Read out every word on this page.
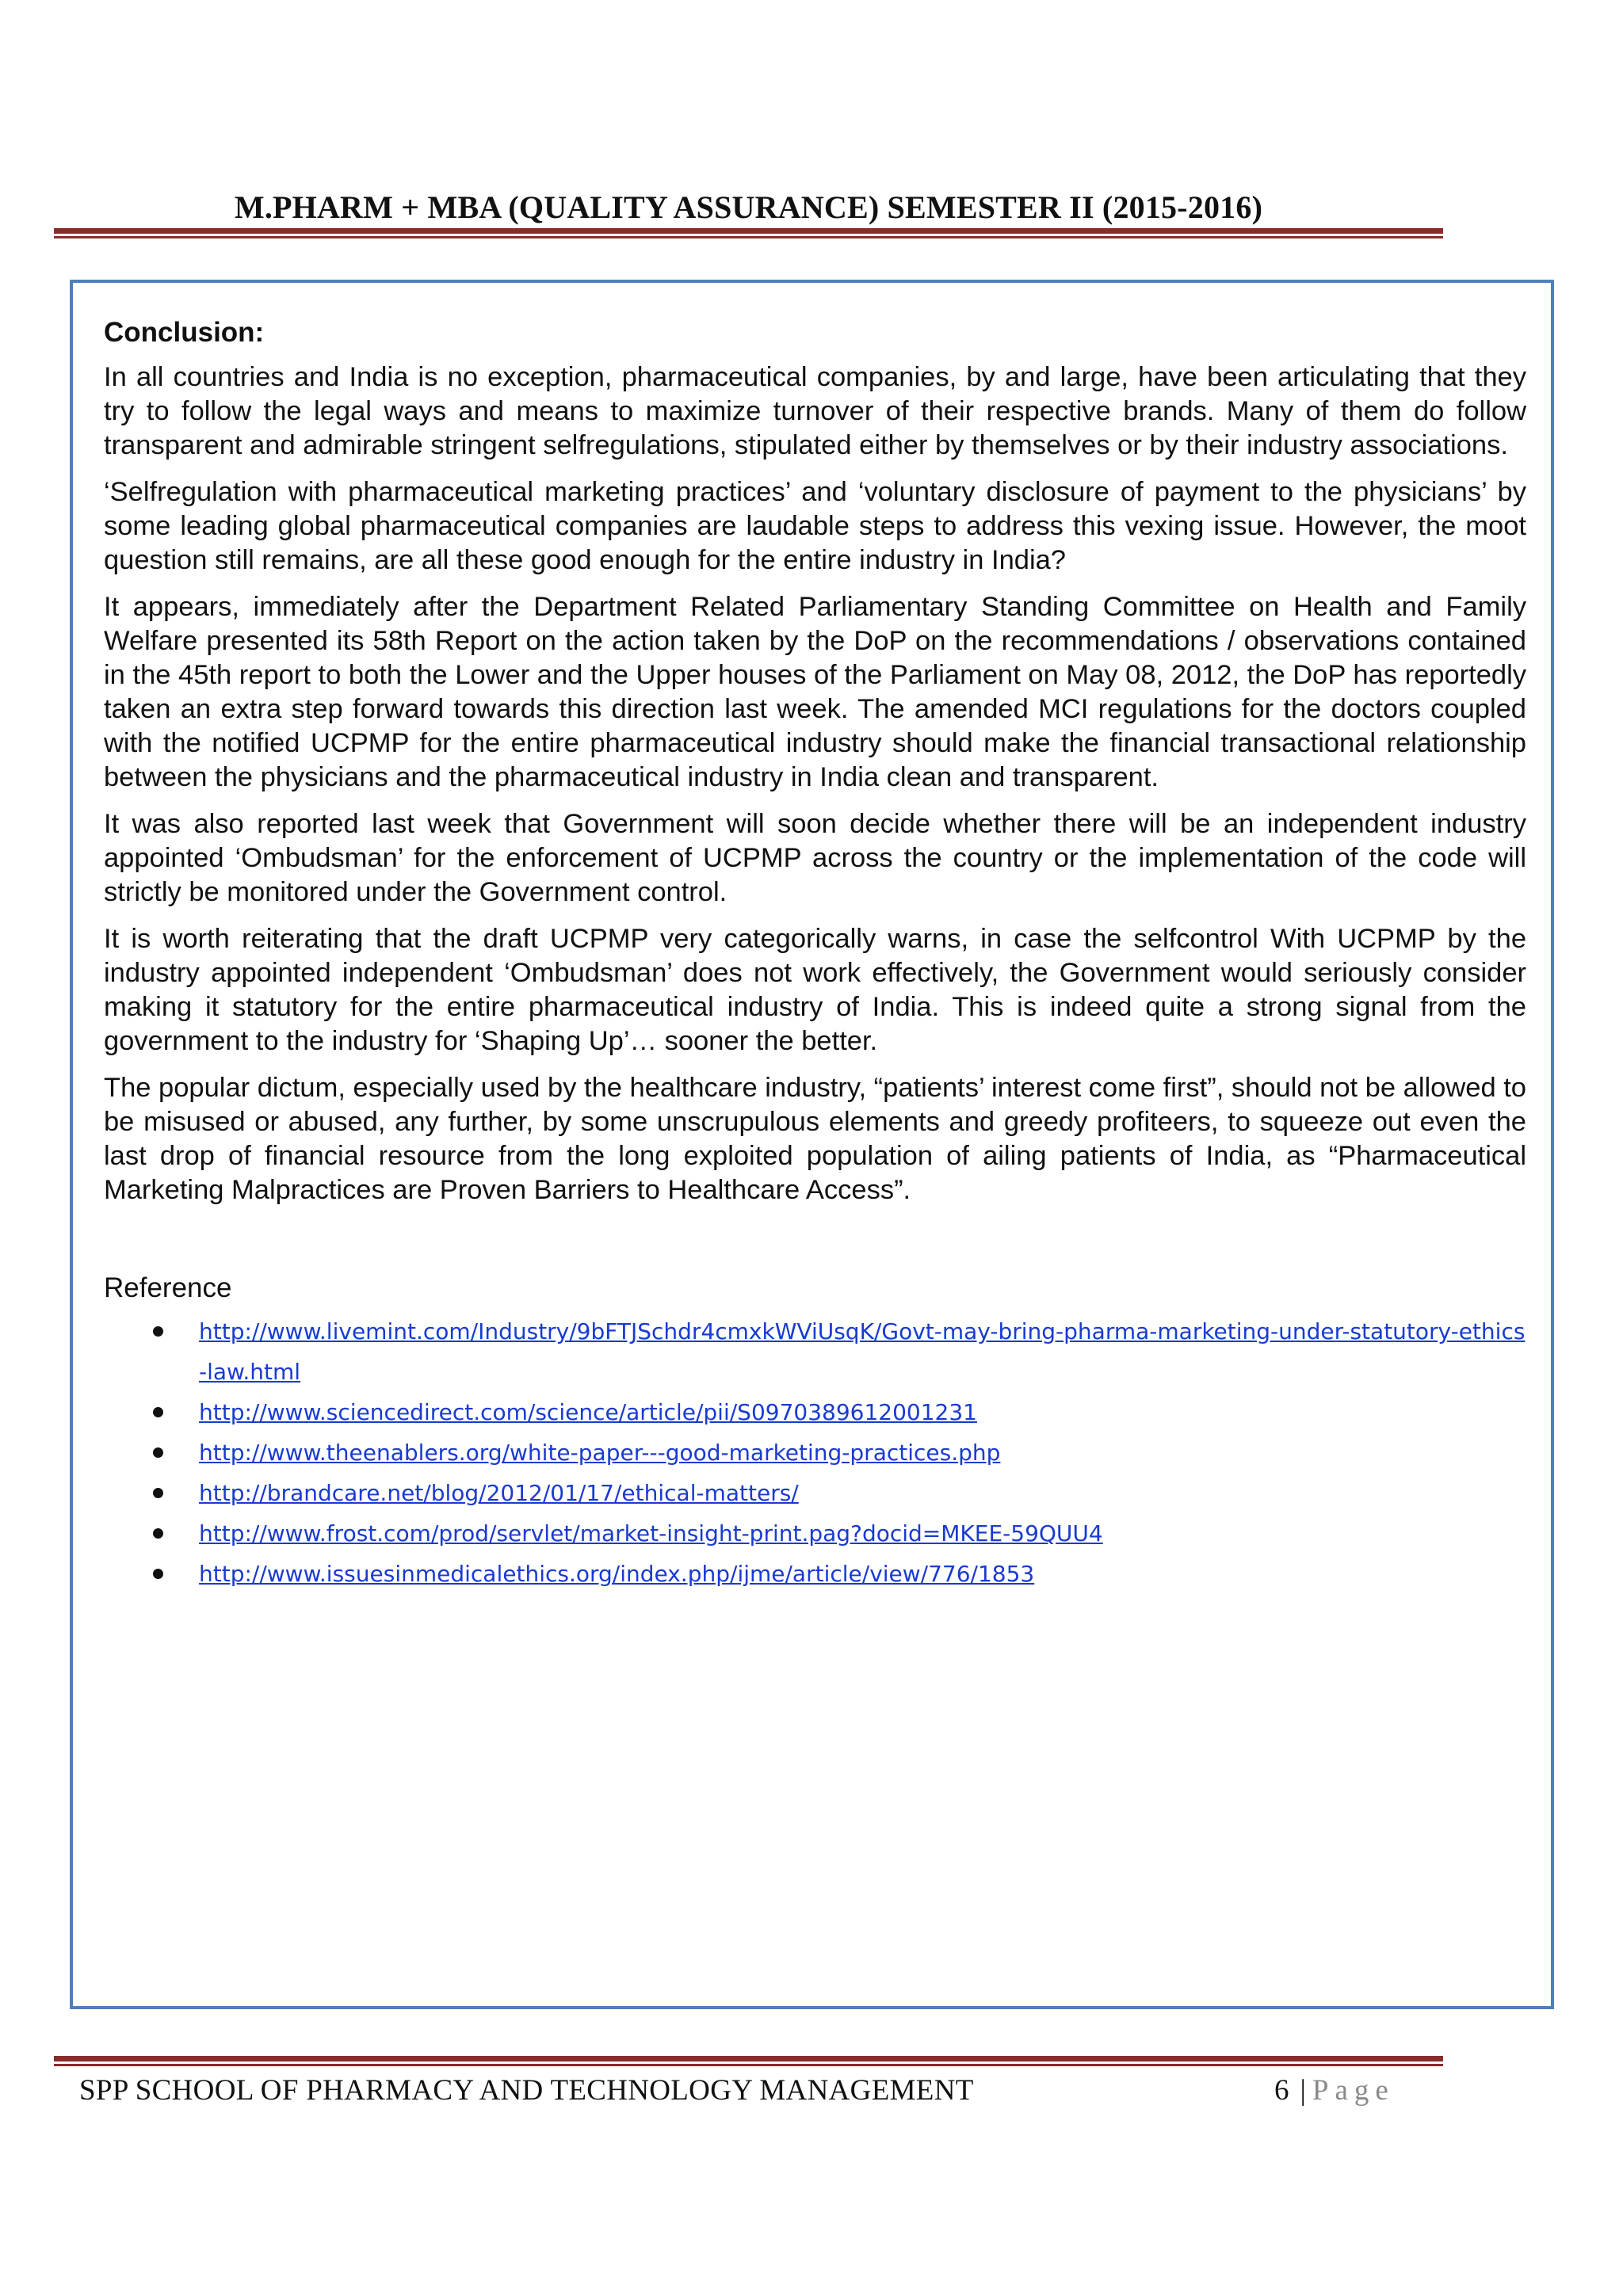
M.PHARM + MBA (QUALITY ASSURANCE) SEMESTER II (2015-2016)
Conclusion:

In all countries and India is no exception, pharmaceutical companies, by and large, have been articulating that they try to follow the legal ways and means to maximize turnover of their respective brands. Many of them do follow transparent and admirable stringent selfregulations, stipulated either by themselves or by their industry associations.

‘Selfregulation with pharmaceutical marketing practices’ and ‘voluntary disclosure of payment to the physicians’ by some leading global pharmaceutical companies are laudable steps to address this vexing issue. However, the moot question still remains, are all these good enough for the entire industry in India?

It appears, immediately after the Department Related Parliamentary Standing Committee on Health and Family Welfare presented its 58th Report on the action taken by the DoP on the recommendations / observations contained in the 45th report to both the Lower and the Upper houses of the Parliament on May 08, 2012, the DoP has reportedly taken an extra step forward towards this direction last week. The amended MCI regulations for the doctors coupled with the notified UCPMP for the entire pharmaceutical industry should make the financial transactional relationship between the physicians and the pharmaceutical industry in India clean and transparent.

It was also reported last week that Government will soon decide whether there will be an independent industry appointed ‘Ombudsman’ for the enforcement of UCPMP across the country or the implementation of the code will strictly be monitored under the Government control.

It is worth reiterating that the draft UCPMP very categorically warns, in case the selfcontrol With UCPMP by the industry appointed independent ‘Ombudsman’ does not work effectively, the Government would seriously consider making it statutory for the entire pharmaceutical industry of India. This is indeed quite a strong signal from the government to the industry for ‘Shaping Up’… sooner the better.

The popular dictum, especially used by the healthcare industry, “patients’ interest come first”, should not be allowed to be misused or abused, any further, by some unscrupulous elements and greedy profiteers, to squeeze out even the last drop of financial resource from the long exploited population of ailing patients of India, as “Pharmaceutical Marketing Malpractices are Proven Barriers to Healthcare Access”.

Reference
http://www.livemint.com/Industry/9bFTJSchdr4cmxkWViUsqK/Govt-may-bring-pharma-marketing-under-statutory-ethics-law.html
http://www.sciencedirect.com/science/article/pii/S0970389612001231
http://www.theenablers.org/white-paper---good-marketing-practices.php
http://brandcare.net/blog/2012/01/17/ethical-matters/
http://www.frost.com/prod/servlet/market-insight-print.pag?docid=MKEE-59QUU4
http://www.issuesinmedicalethics.org/index.php/ijme/article/view/776/1853
SPP SCHOOL OF PHARMACY AND TECHNOLOGY MANAGEMENT	6 | Page
